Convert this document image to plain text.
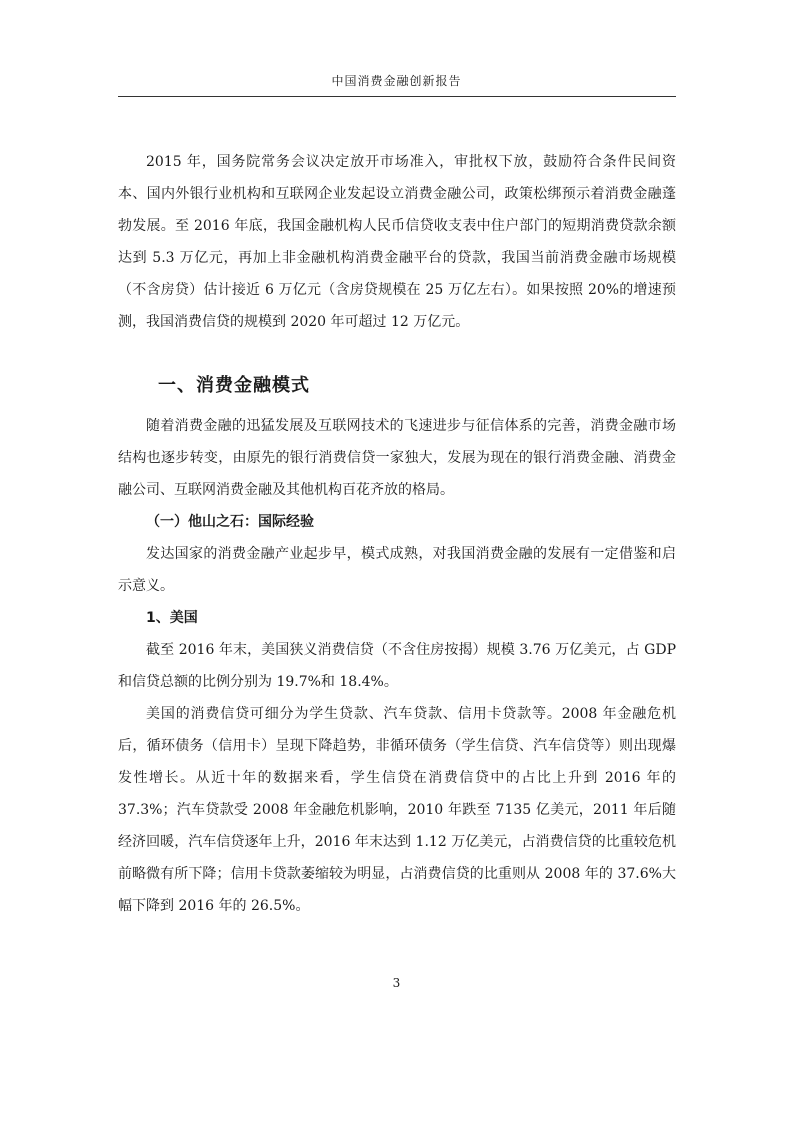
中国消费金融创新报告

2015 年，国务院常务会议决定放开市场准入，审批权下放，鼓励符合条件民间资本、国内外银行业机构和互联网企业发起设立消费金融公司，政策松绑预示着消费金融蓬勃发展。至 2016 年底，我国金融机构人民币信贷收支表中住户部门的短期消费贷款余额达到 5.3 万亿元，再加上非金融机构消费金融平台的贷款，我国当前消费金融市场规模（不含房贷）估计接近 6 万亿元（含房贷规模在 25 万亿左右）。如果按照 20%的增速预测，我国消费信贷的规模到 2020 年可超过 12 万亿元。

一、消费金融模式

随着消费金融的迅猛发展及互联网技术的飞速进步与征信体系的完善，消费金融市场结构也逐步转变，由原先的银行消费信贷一家独大，发展为现在的银行消费金融、消费金融公司、互联网消费金融及其他机构百花齐放的格局。

（一）他山之石：国际经验

发达国家的消费金融产业起步早，模式成熟，对我国消费金融的发展有一定借鉴和启示意义。

1、美国

截至 2016 年末，美国狭义消费信贷（不含住房按揭）规模 3.76 万亿美元，占 GDP 和信贷总额的比例分别为 19.7%和 18.4%。

美国的消费信贷可细分为学生贷款、汽车贷款、信用卡贷款等。2008 年金融危机后，循环债务（信用卡）呈现下降趋势，非循环债务（学生信贷、汽车信贷等）则出现爆发性增长。从近十年的数据来看，学生信贷在消费信贷中的占比上升到 2016 年的 37.3%；汽车贷款受 2008 年金融危机影响，2010 年跌至 7135 亿美元，2011 年后随经济回暖，汽车信贷逐年上升，2016 年末达到 1.12 万亿美元，占消费信贷的比重较危机前略微有所下降；信用卡贷款萎缩较为明显，占消费信贷的比重则从 2008 年的 37.6%大幅下降到 2016 年的 26.5%。

3
